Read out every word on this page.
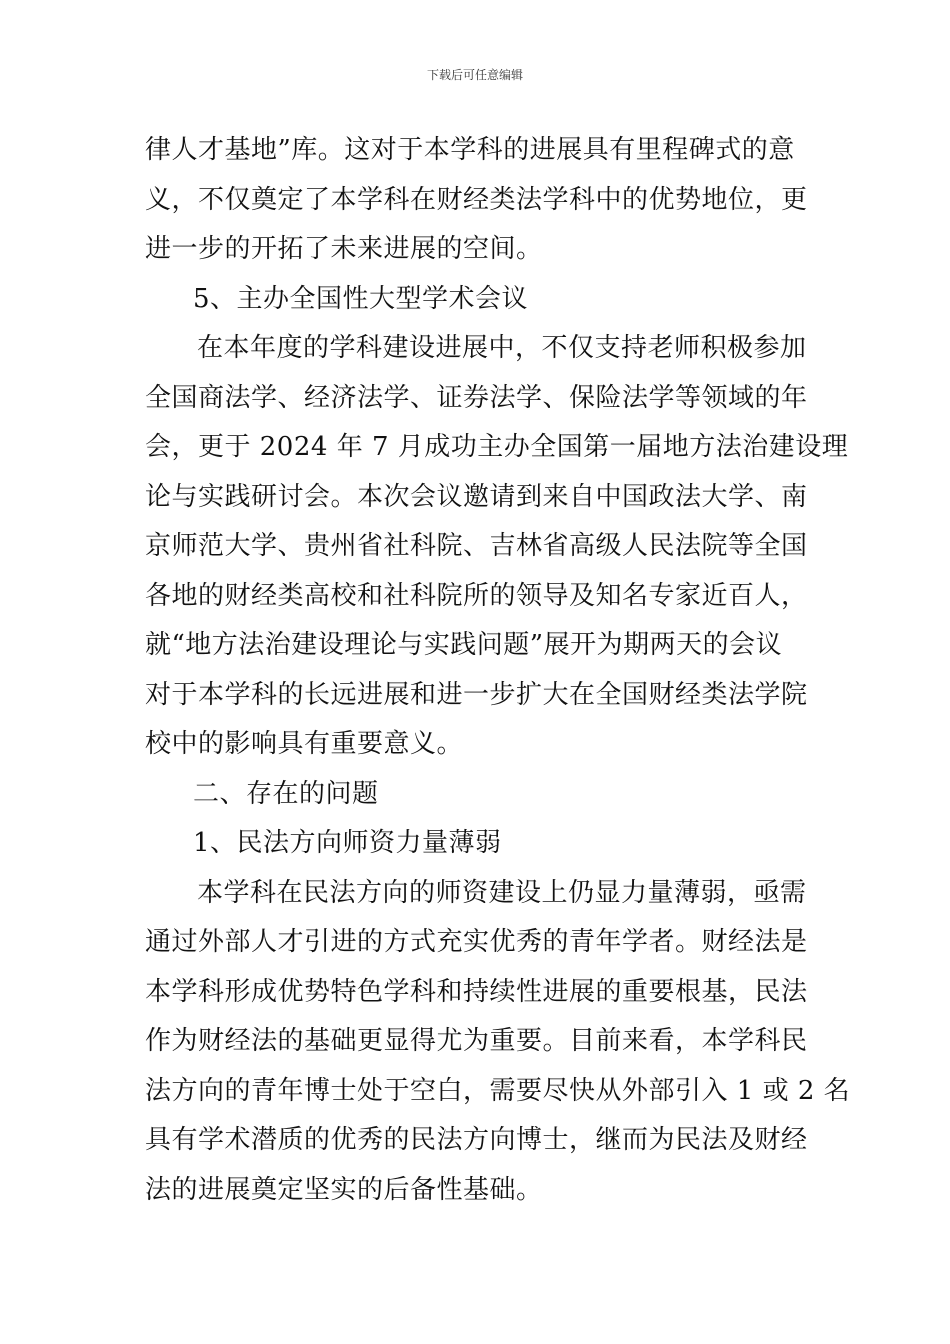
下载后可任意编辑
律人才基地”库。这对于本学科的进展具有里程碑式的意
义，不仅奠定了本学科在财经类法学科中的优势地位，更
进一步的开拓了未来进展的空间。
5、主办全国性大型学术会议
在本年度的学科建设进展中，不仅支持老师积极参加
全国商法学、经济法学、证券法学、保险法学等领域的年
会，更于 2024 年 7 月成功主办全国第一届地方法治建设理
论与实践研讨会。本次会议邀请到来自中国政法大学、南
京师范大学、贵州省社科院、吉林省高级人民法院等全国
各地的财经类高校和社科院所的领导及知名专家近百人，
就“地方法治建设理论与实践问题”展开为期两天的会议
对于本学科的长远进展和进一步扩大在全国财经类法学院
校中的影响具有重要意义。
二、存在的问题
1、民法方向师资力量薄弱
本学科在民法方向的师资建设上仍显力量薄弱，亟需
通过外部人才引进的方式充实优秀的青年学者。财经法是
本学科形成优势特色学科和持续性进展的重要根基，民法
作为财经法的基础更显得尤为重要。目前来看，本学科民
法方向的青年博士处于空白，需要尽快从外部引入 1 或 2 名
具有学术潜质的优秀的民法方向博士，继而为民法及财经
法的进展奠定坚实的后备性基础。
